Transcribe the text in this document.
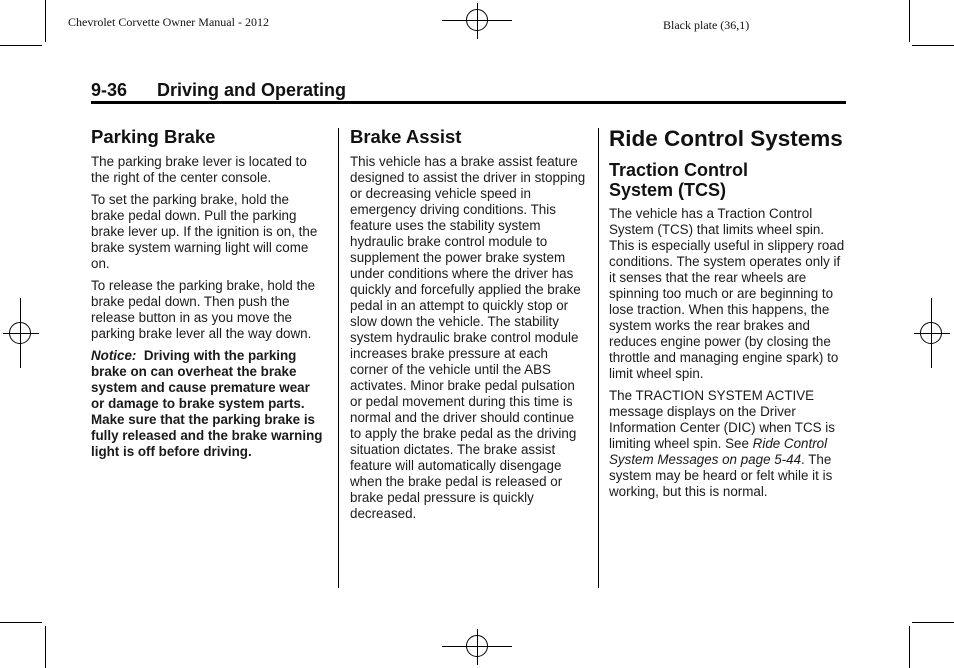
Chevrolet Corvette Owner Manual - 2012	Black plate (36,1)
9-36	Driving and Operating
Parking Brake

The parking brake lever is located to the right of the center console.

To set the parking brake, hold the brake pedal down. Pull the parking brake lever up. If the ignition is on, the brake system warning light will come on.

To release the parking brake, hold the brake pedal down. Then push the release button in as you move the parking brake lever all the way down.

Notice: Driving with the parking brake on can overheat the brake system and cause premature wear or damage to brake system parts. Make sure that the parking brake is fully released and the brake warning light is off before driving.

Brake Assist

This vehicle has a brake assist feature designed to assist the driver in stopping or decreasing vehicle speed in emergency driving conditions. This feature uses the stability system hydraulic brake control module to supplement the power brake system under conditions where the driver has quickly and forcefully applied the brake pedal in an attempt to quickly stop or slow down the vehicle. The stability system hydraulic brake control module increases brake pressure at each corner of the vehicle until the ABS activates. Minor brake pedal pulsation or pedal movement during this time is normal and the driver should continue to apply the brake pedal as the driving situation dictates. The brake assist feature will automatically disengage when the brake pedal is released or brake pedal pressure is quickly decreased.

Ride Control Systems
Traction Control System (TCS)

The vehicle has a Traction Control System (TCS) that limits wheel spin. This is especially useful in slippery road conditions. The system operates only if it senses that the rear wheels are spinning too much or are beginning to lose traction. When this happens, the system works the rear brakes and reduces engine power (by closing the throttle and managing engine spark) to limit wheel spin.

The TRACTION SYSTEM ACTIVE message displays on the Driver Information Center (DIC) when TCS is limiting wheel spin. See Ride Control System Messages on page 5-44. The system may be heard or felt while it is working, but this is normal.
